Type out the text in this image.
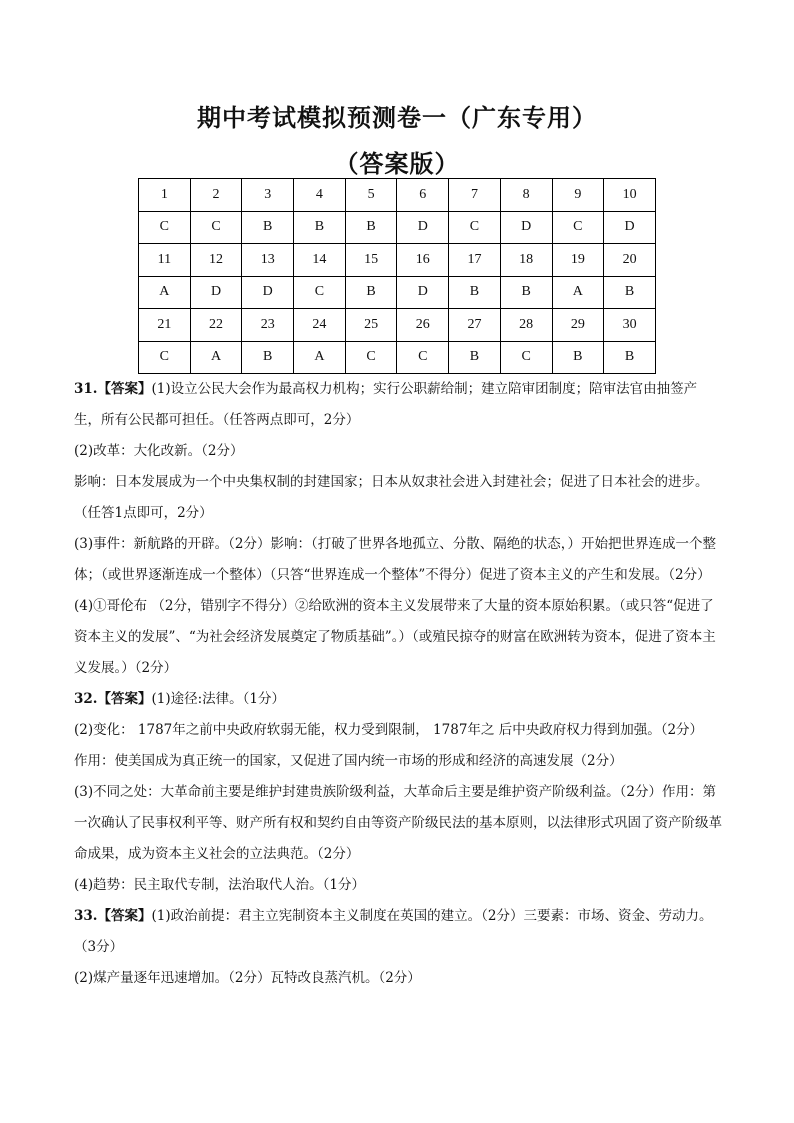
期中考试模拟预测卷一（广东专用）
（答案版）
1	2	3	4	5	6	7	8	9	10
C	C	B	B	B	D	C	D	C	D
11	12	13	14	15	16	17	18	19	20
A	D	D	C	B	D	B	B	A	B
21	22	23	24	25	26	27	28	29	30
C	A	B	A	C	C	B	C	B	B

31.【答案】(1)设立公民大会作为最高权力机构；实行公职薪给制；建立陪审团制度；陪审法官由抽签产生，所有公民都可担任。（任答两点即可，2分）

(2)改革：大化改新。（2分）

影响：日本发展成为一个中央集权制的封建国家；日本从奴隶社会进入封建社会；促进了日本社会的进步。（任答1点即可，2分）

(3)事件：新航路的开辟。（2分）影响：（打破了世界各地孤立、分散、隔绝的状态，）开始把世界连成一个整体；（或世界逐渐连成一个整体）（只答“世界连成一个整体”不得分）促进了资本主义的产生和发展。（2分）

(4)①哥伦布 （2分，错别字不得分）②给欧洲的资本主义发展带来了大量的资本原始积累。（或只答“促进了资本主义的发展”、“为社会经济发展奠定了物质基础”。）（或殖民掠夺的财富在欧洲转为资本，促进了资本主义发展。）（2分）

32.【答案】(1)途径:法律。（1分）

(2)变化： 1787年之前中央政府软弱无能，权力受到限制， 1787年之 后中央政府权力得到加强。（2分）

作用：使美国成为真正统一的国家，又促进了国内统一市场的形成和经济的高速发展（2分）

(3)不同之处：大革命前主要是维护封建贵族阶级利益，大革命后主要是维护资产阶级利益。（2分）作用：第一次确认了民事权利平等、财产所有权和契约自由等资产阶级民法的基本原则，以法律形式巩固了资产阶级革命成果，成为资本主义社会的立法典范。（2分）

(4)趋势：民主取代专制，法治取代人治。（1分）

33.【答案】(1)政治前提：君主立宪制资本主义制度在英国的建立。（2分）三要素：市场、资金、劳动力。（3分）

(2)煤产量逐年迅速增加。（2分）瓦特改良蒸汽机。（2分）
